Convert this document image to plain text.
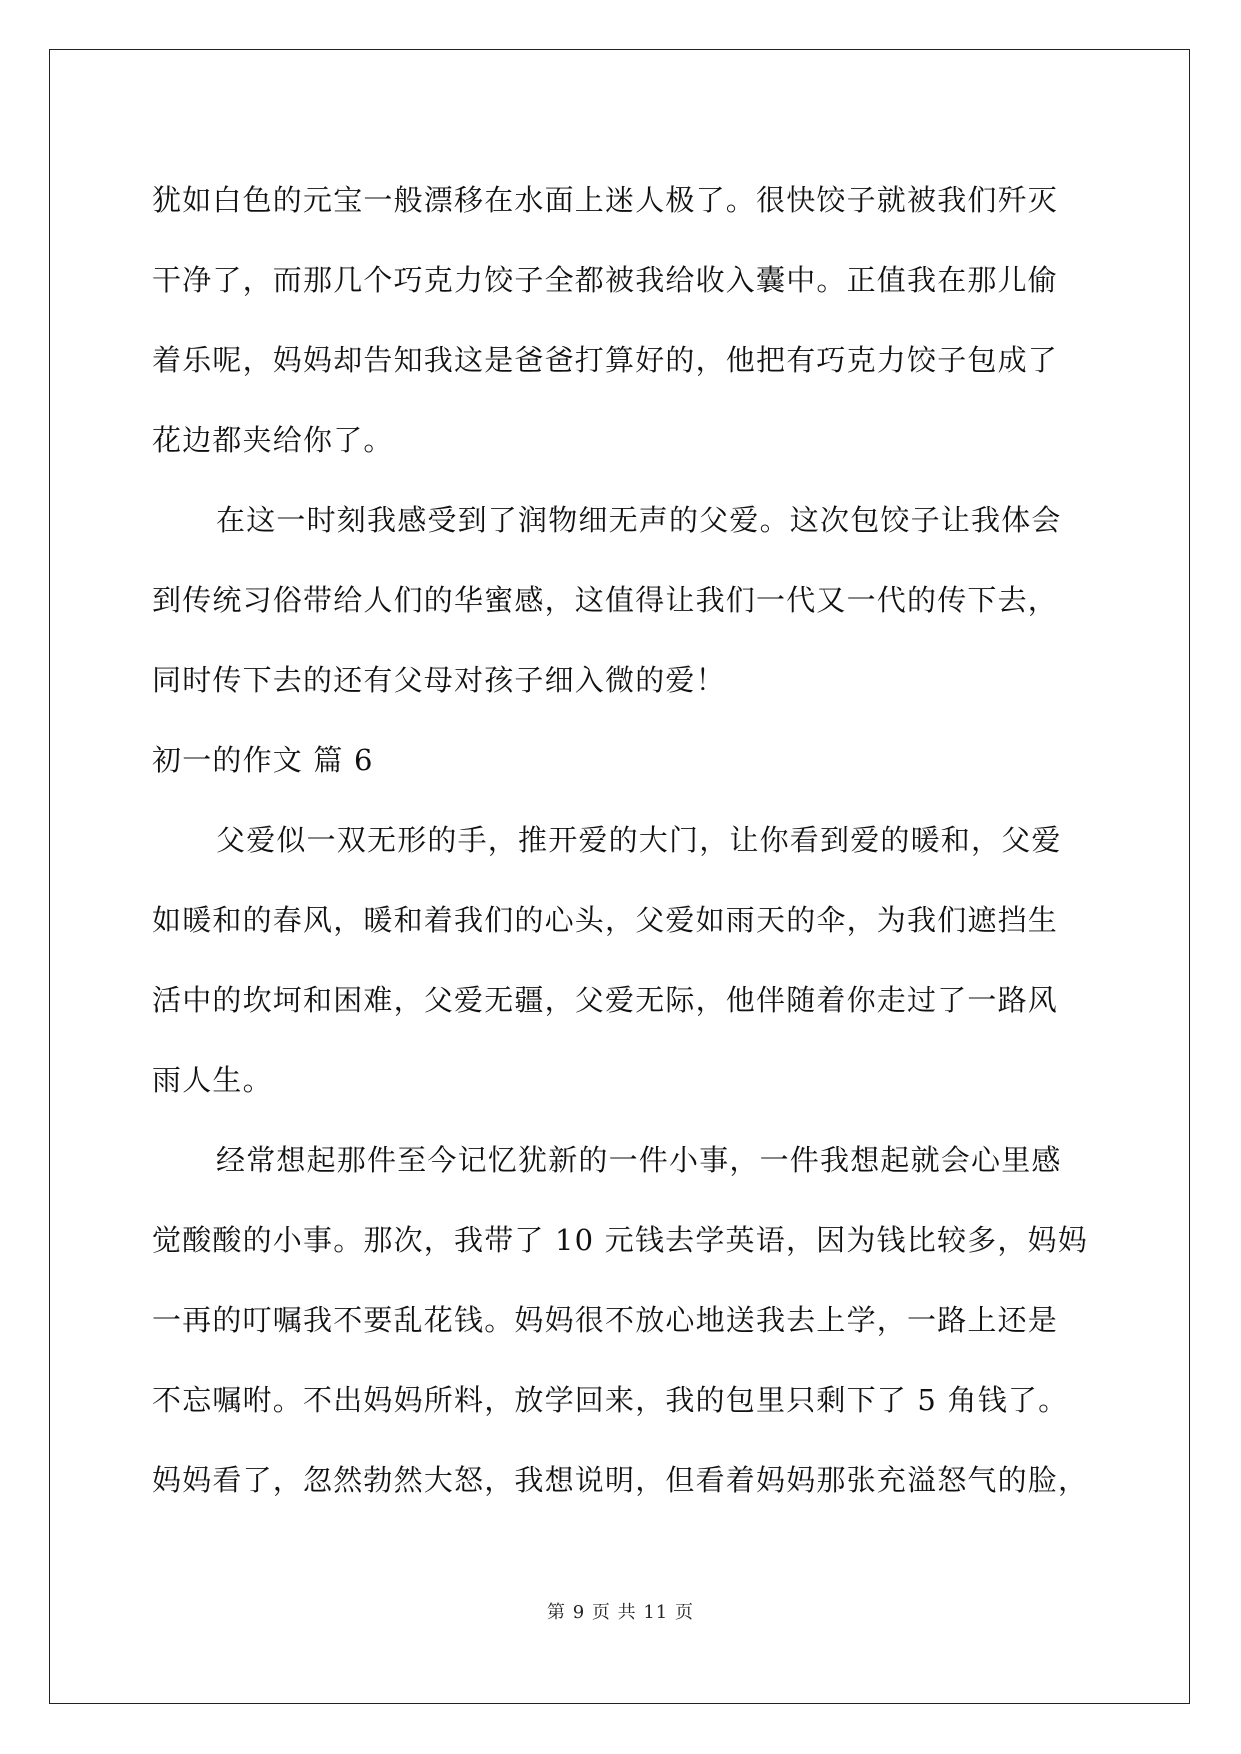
犹如白色的元宝一般漂移在水面上迷人极了。很快饺子就被我们歼灭
干净了，而那几个巧克力饺子全都被我给收入囊中。正值我在那儿偷
着乐呢，妈妈却告知我这是爸爸打算好的，他把有巧克力饺子包成了
花边都夹给你了。
在这一时刻我感受到了润物细无声的父爱。这次包饺子让我体会
到传统习俗带给人们的华蜜感，这值得让我们一代又一代的传下去，
同时传下去的还有父母对孩子细入微的爱！
初一的作文 篇 6
父爱似一双无形的手，推开爱的大门，让你看到爱的暖和，父爱
如暖和的春风，暖和着我们的心头，父爱如雨天的伞，为我们遮挡生
活中的坎坷和困难，父爱无疆，父爱无际，他伴随着你走过了一路风
雨人生。
经常想起那件至今记忆犹新的一件小事，一件我想起就会心里感
觉酸酸的小事。那次，我带了 10 元钱去学英语，因为钱比较多，妈妈
一再的叮嘱我不要乱花钱。妈妈很不放心地送我去上学，一路上还是
不忘嘱咐。不出妈妈所料，放学回来，我的包里只剩下了 5 角钱了。
妈妈看了，忽然勃然大怒，我想说明，但看着妈妈那张充溢怒气的脸，
第 9 页 共 11 页
